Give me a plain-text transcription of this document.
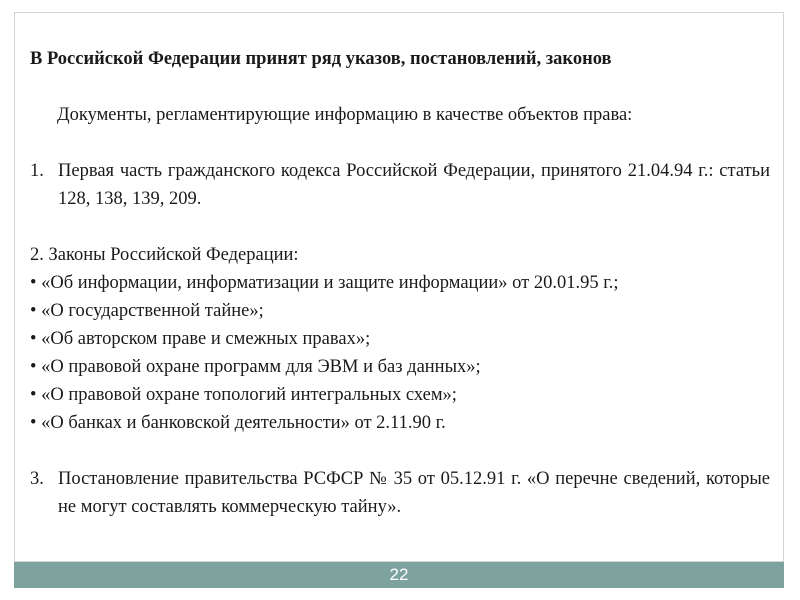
В Российской Федерации принят ряд указов, постановлений, законов

Документы, регламентирующие информацию в качестве объектов права:

1. Первая часть гражданского кодекса Российской Федерации, принятого 21.04.94 г.: статьи 128, 138, 139, 209.
2. Законы Российской Федерации:
• «Об информации, информатизации и защите информации» от 20.01.95 г.;
• «О государственной тайне»;
• «Об авторском праве и смежных правах»;
• «О правовой охране программ для ЭВМ и баз данных»;
• «О правовой охране топологий интегральных схем»;
• «О банках и банковской деятельности» от 2.11.90 г.
3. Постановление правительства РСФСР № 35 от 05.12.91 г. «О перечне сведений, которые не могут составлять коммерческую тайну».
22
